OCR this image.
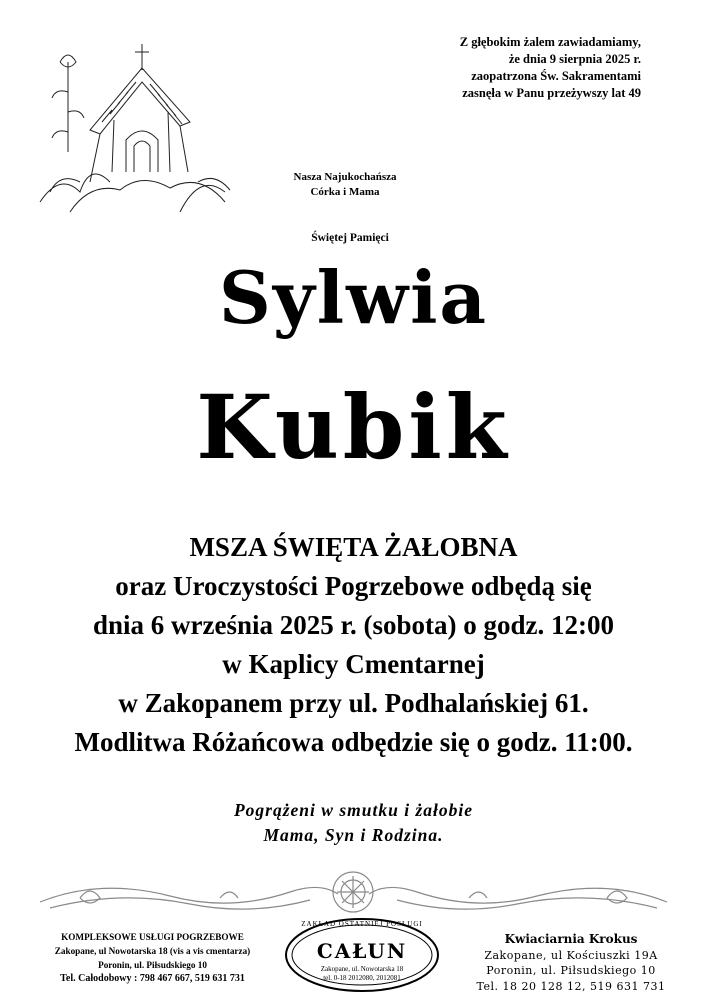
Z głębokim żalem zawiadamiamy,
że dnia 9 sierpnia 2025 r.
zaopatrzona Św. Sakramentami
zasnęła w Panu przeżywszy lat 49
Nasza Najukochańsza
Córka i Mama
Świętej Pamięci
Sylwia
Kubik
MSZA ŚWIĘTA ŻAŁOBNA
oraz Uroczystości Pogrzebowe odbędą się
dnia 6 września 2025 r. (sobota) o godz. 12:00
w Kaplicy Cmentarnej
w Zakopanem przy ul. Podhalańskiej 61.
Modlitwa Różańcowa odbędzie się o godz. 11:00.
Pogrążeni w smutku i żałobie
Mama, Syn i Rodzina.
KOMPLEKSOWE USŁUGI POGRZEBOWE
Zakopane, ul Nowotarska 18 (vis a vis cmentarza)
Poronin, ul. Piłsudskiego 10
Tel. Całodobowy : 798 467 667, 519 631 731
ZAKŁAD OSTATNIEJ POSŁUGI
CAŁUN
Zakopane, ul. Nowotarska 18
tel. 0-18 2012080, 2012081
Kwiaciarnia Krokus
Zakopane, ul Kościuszki 19A
Poronin, ul. Piłsudskiego 10
Tel. 18 20 128 12, 519 631 731
